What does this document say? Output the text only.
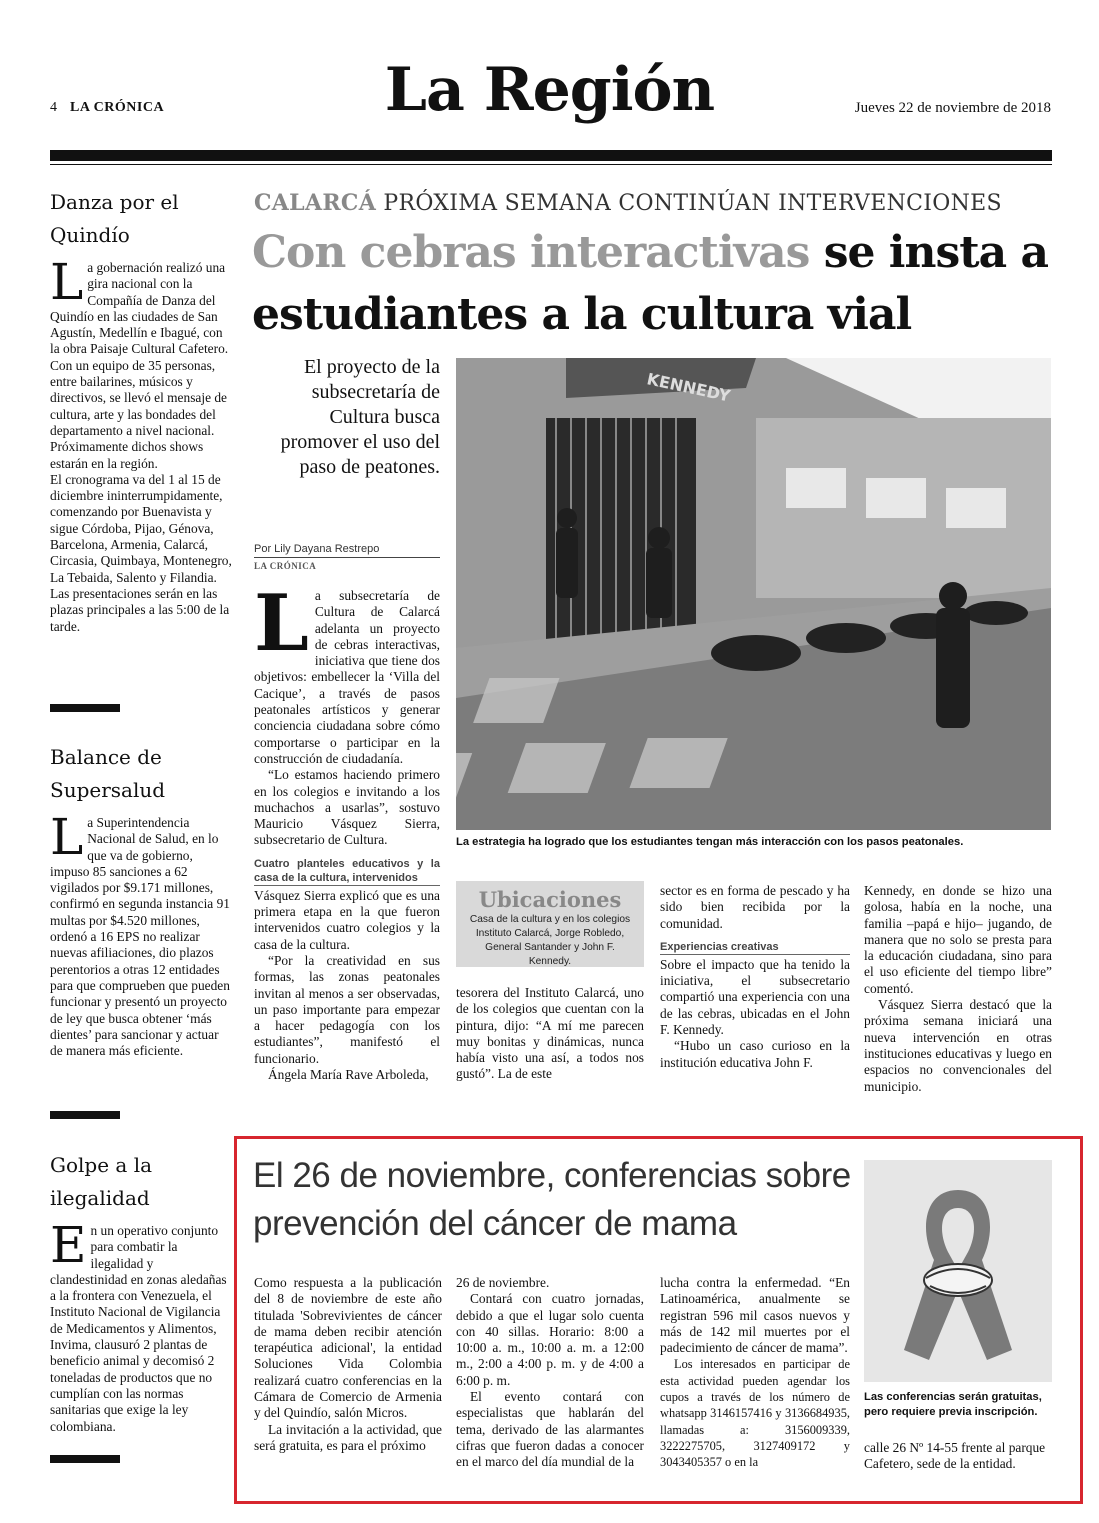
4 LA CRÓNICA	La Región	Jueves 22 de noviembre de 2018
Danza por el Quindío

La gobernación realizó una gira nacional con la Compañía de Danza del Quindío en las ciudades de San Agustín, Medellín e Ibagué, con la obra Paisaje Cultural Cafetero. Con un equipo de 35 personas, entre bailarines, músicos y directivos, se llevó el mensaje de cultura, arte y las bondades del departamento a nivel nacional.

Próximamente dichos shows estarán en la región.

El cronograma va del 1 al 15 de diciembre ininterrumpidamente, comenzando por Buenavista y sigue Córdoba, Pijao, Génova, Barcelona, Armenia, Calarcá, Circasia, Quimbaya, Montenegro, La Tebaida, Salento y Filandia. Las presentaciones serán en las plazas principales a las 5:00 de la tarde.

Balance de Supersalud

La Superintendencia Nacional de Salud, en lo que va de gobierno, impuso 85 sanciones a 62 vigilados por $9.171 millones, confirmó en segunda instancia 91 multas por $4.520 millones, ordenó a 16 EPS no realizar nuevas afiliaciones, dio plazos perentorios a otras 12 entidades para que comprueben que pueden funcionar y presentó un proyecto de ley que busca obtener ‘más dientes’ para sancionar y actuar de manera más eficiente.

Golpe a la ilegalidad

En un operativo conjunto para combatir la ilegalidad y clandestinidad en zonas aledañas a la frontera con Venezuela, el Instituto Nacional de Vigilancia de Medicamentos y Alimentos, Invima, clausuró 2 plantas de beneficio animal y decomisó 2 toneladas de productos que no cumplían con las normas sanitarias que exige la ley colombiana.

CALARCÁ PRÓXIMA SEMANA CONTINÚAN INTERVENCIONES
Con cebras interactivas se insta a estudiantes a la cultura vial
El proyecto de la subsecretaría de Cultura busca promover el uso del paso de peatones.
Por Lily Dayana Restrepo
LA CRÓNICA

La subsecretaría de Cultura de Calarcá adelanta un proyecto de cebras interactivas, iniciativa que tiene dos objetivos: embellecer la ‘Villa del Cacique’, a través de pasos peatonales artísticos y generar conciencia ciudadana sobre cómo comportarse o participar en la construcción de ciudadanía.

“Lo estamos haciendo primero en los colegios e invitando a los muchachos a usarlas”, sostuvo Mauricio Vásquez Sierra, subsecretario de Cultura.

Cuatro planteles educativos y la casa de la cultura, intervenidos

Vásquez Sierra explicó que es una primera etapa en la que fueron intervenidos cuatro colegios y la casa de la cultura.

“Por la creatividad en sus formas, las zonas peatonales invitan al menos a ser observadas, un paso importante para empezar a hacer pedagogía con los estudiantes”, manifestó el funcionario.

Ángela María Rave Arboleda,

KENNEDY
La estrategia ha logrado que los estudiantes tengan más interacción con los pasos peatonales.
Ubicaciones

Casa de la cultura y en los colegios Instituto Calarcá, Jorge Robledo, General Santander y John F. Kennedy.

tesorera del Instituto Calarcá, uno de los colegios que cuentan con la pintura, dijo: “A mí me parecen muy bonitas y dinámicas, nunca había visto una así, a todos nos gustó”. La de este

sector es en forma de pescado y ha sido bien recibida por la comunidad.

Experiencias creativas

Sobre el impacto que ha tenido la iniciativa, el subsecretario compartió una experiencia con una de las cebras, ubicadas en el John F. Kennedy.

“Hubo un caso curioso en la institución educativa John F.

Kennedy, en donde se hizo una golosa, había en la noche, una familia –papá e hijo– jugando, de manera que no solo se presta para la educación ciudadana, sino para el uso eficiente del tiempo libre” comentó.

Vásquez Sierra destacó que la próxima semana iniciará una nueva intervención en otras instituciones educativas y luego en espacios no convencionales del municipio.

El 26 de noviembre, conferencias sobre prevención del cáncer de mama

Como respuesta a la publicación del 8 de noviembre de este año titulada 'Sobrevivientes de cáncer de mama deben recibir atención terapéutica adicional', la entidad Soluciones Vida Colombia realizará cuatro conferencias en la Cámara de Comercio de Armenia y del Quindío, salón Micros.

La invitación a la actividad, que será gratuita, es para el próximo

26 de noviembre.

Contará con cuatro jornadas, debido a que el lugar solo cuenta con 40 sillas. Horario: 8:00 a 10:00 a. m., 10:00 a. m. a 12:00 m., 2:00 a 4:00 p. m. y de 4:00 a 6:00 p. m.

El evento contará con especialistas que hablarán del tema, derivado de las alarmantes cifras que fueron dadas a conocer en el marco del día mundial de la

lucha contra la enfermedad. “En Latinoamérica, anualmente se registran 596 mil casos nuevos y más de 142 mil muertes por el padecimiento de cáncer de mama”.

Los interesados en participar de esta actividad pueden agendar los cupos a través de los número de whatsapp 3146157416 y 3136684935, llamadas a: 3156009339, 3222275705, 3127409172 y 3043405357 o en la

Las conferencias serán gratuitas, pero requiere previa inscripción.
calle 26 Nº 14-55 frente al parque Cafetero, sede de la entidad.
